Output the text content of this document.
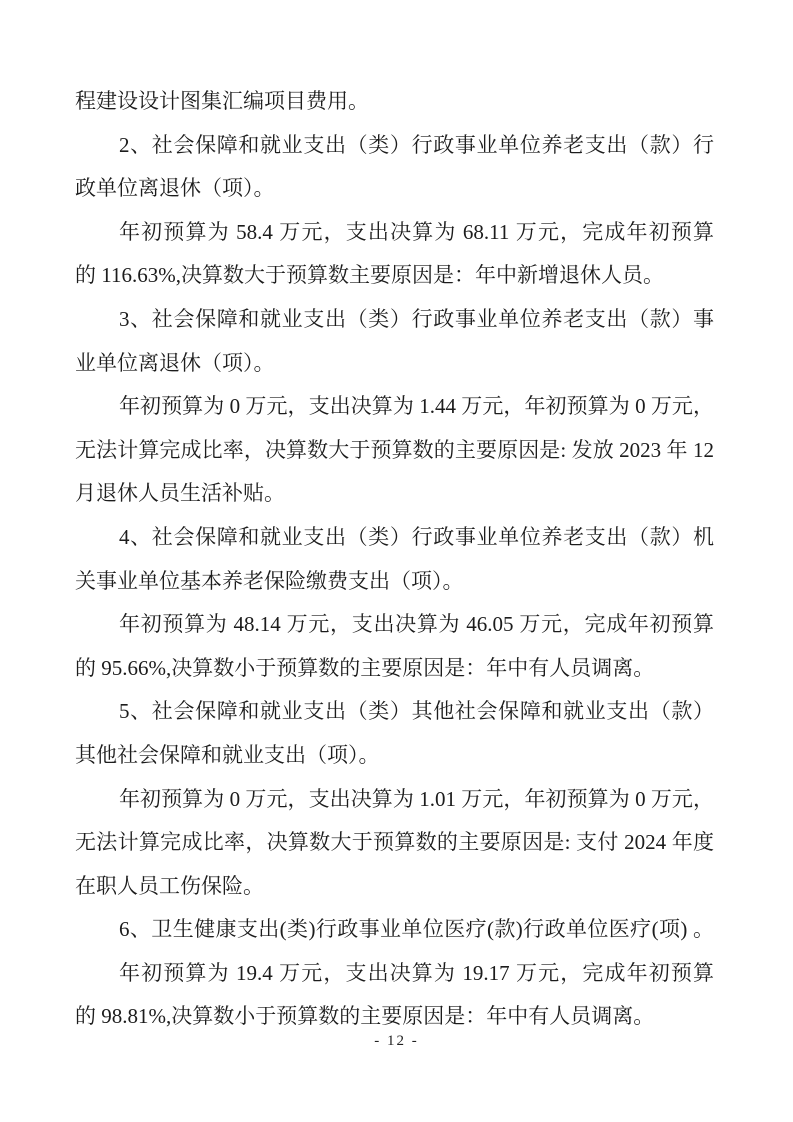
程建设设计图集汇编项目费用。
2、社会保障和就业支出（类）行政事业单位养老支出（款）行
政单位离退休（项）。
年初预算为 58.4 万元，支出决算为 68.11 万元，完成年初预算
的 116.63%,决算数大于预算数主要原因是：年中新增退休人员。
3、社会保障和就业支出（类）行政事业单位养老支出（款）事
业单位离退休（项）。
年初预算为 0 万元，支出决算为 1.44 万元，年初预算为 0 万元，
无法计算完成比率，决算数大于预算数的主要原因是: 发放 2023 年 12
月退休人员生活补贴。
4、社会保障和就业支出（类）行政事业单位养老支出（款）机
关事业单位基本养老保险缴费支出（项）。
年初预算为 48.14 万元，支出决算为 46.05 万元，完成年初预算
的 95.66%,决算数小于预算数的主要原因是：年中有人员调离。
5、社会保障和就业支出（类）其他社会保障和就业支出（款）
其他社会保障和就业支出（项）。
年初预算为 0 万元，支出决算为 1.01 万元，年初预算为 0 万元，
无法计算完成比率，决算数大于预算数的主要原因是: 支付 2024 年度
在职人员工伤保险。
6、卫生健康支出(类)行政事业单位医疗(款)行政单位医疗(项) 。
年初预算为 19.4 万元，支出决算为 19.17 万元，完成年初预算
的 98.81%,决算数小于预算数的主要原因是：年中有人员调离。
- 12 -
